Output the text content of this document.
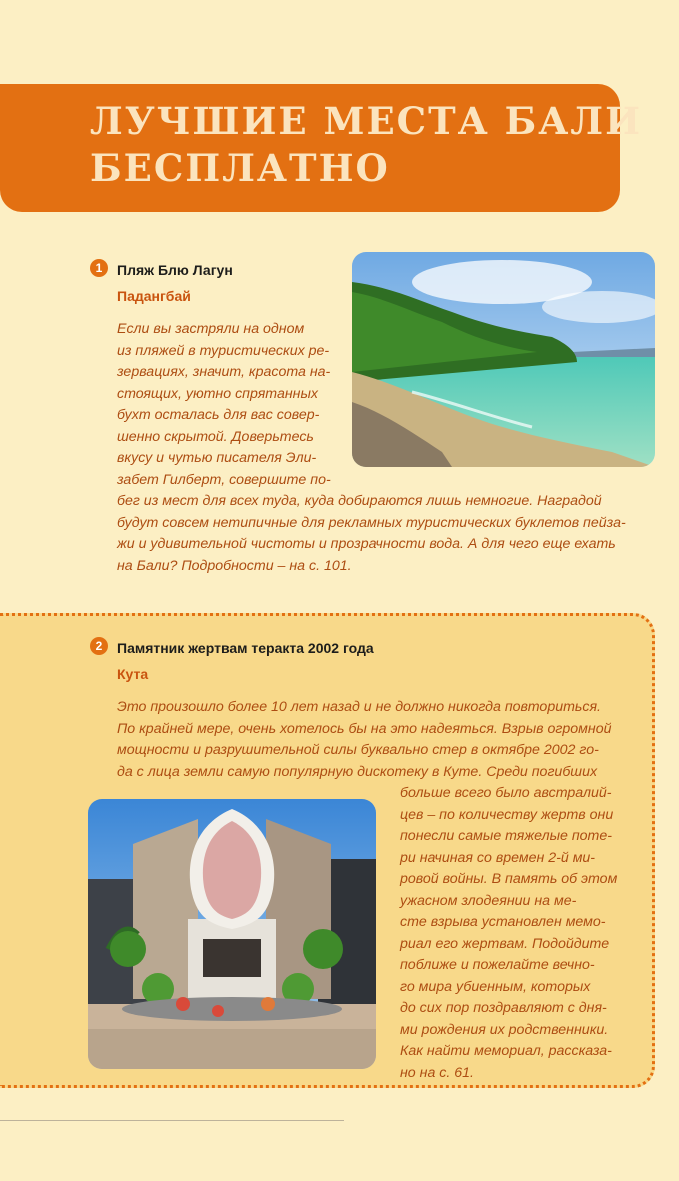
ЛУЧШИЕ МЕСТА БАЛИ
БЕСПЛАТНО
1	Пляж Блю Лагун
Падангбай

Если вы застряли на одном
из пляжей в туристических ре-
зервациях, значит, красота на-
стоящих, уютно спрятанных
бухт осталась для вас совер-
шенно скрытой. Доверьтесь
вкусу и чутью писателя Эли-
забет Гилберт, совершите по-

бег из мест для всех туда, куда добираются лишь немногие. Наградой
будут совсем нетипичные для рекламных туристических буклетов пейза-
жи и удивительной чистоты и прозрачности вода. А для чего еще ехать
на Бали? Подробности – на с. 101.

2	Памятник жертвам теракта 2002 года
Кута

Это произошло более 10 лет назад и не должно никогда повториться.
По крайней мере, очень хотелось бы на это надеяться. Взрыв огромной
мощности и разрушительной силы буквально стер в октябре 2002 го-
да с лица земли самую популярную дискотеку в Куте. Среди погибших

больше всего было австралий-
цев – по количеству жертв они
понесли самые тяжелые поте-
ри начиная со времен 2-й ми-
ровой войны. В память об этом
ужасном злодеянии на ме-
сте взрыва установлен мемо-
риал его жертвам. Подойдите
поближе и пожелайте вечно-
го мира убиенным, которых
до сих пор поздравляют с дня-
ми рождения их родственники.
Как найти мемориал, рассказа-
но на с. 61.
